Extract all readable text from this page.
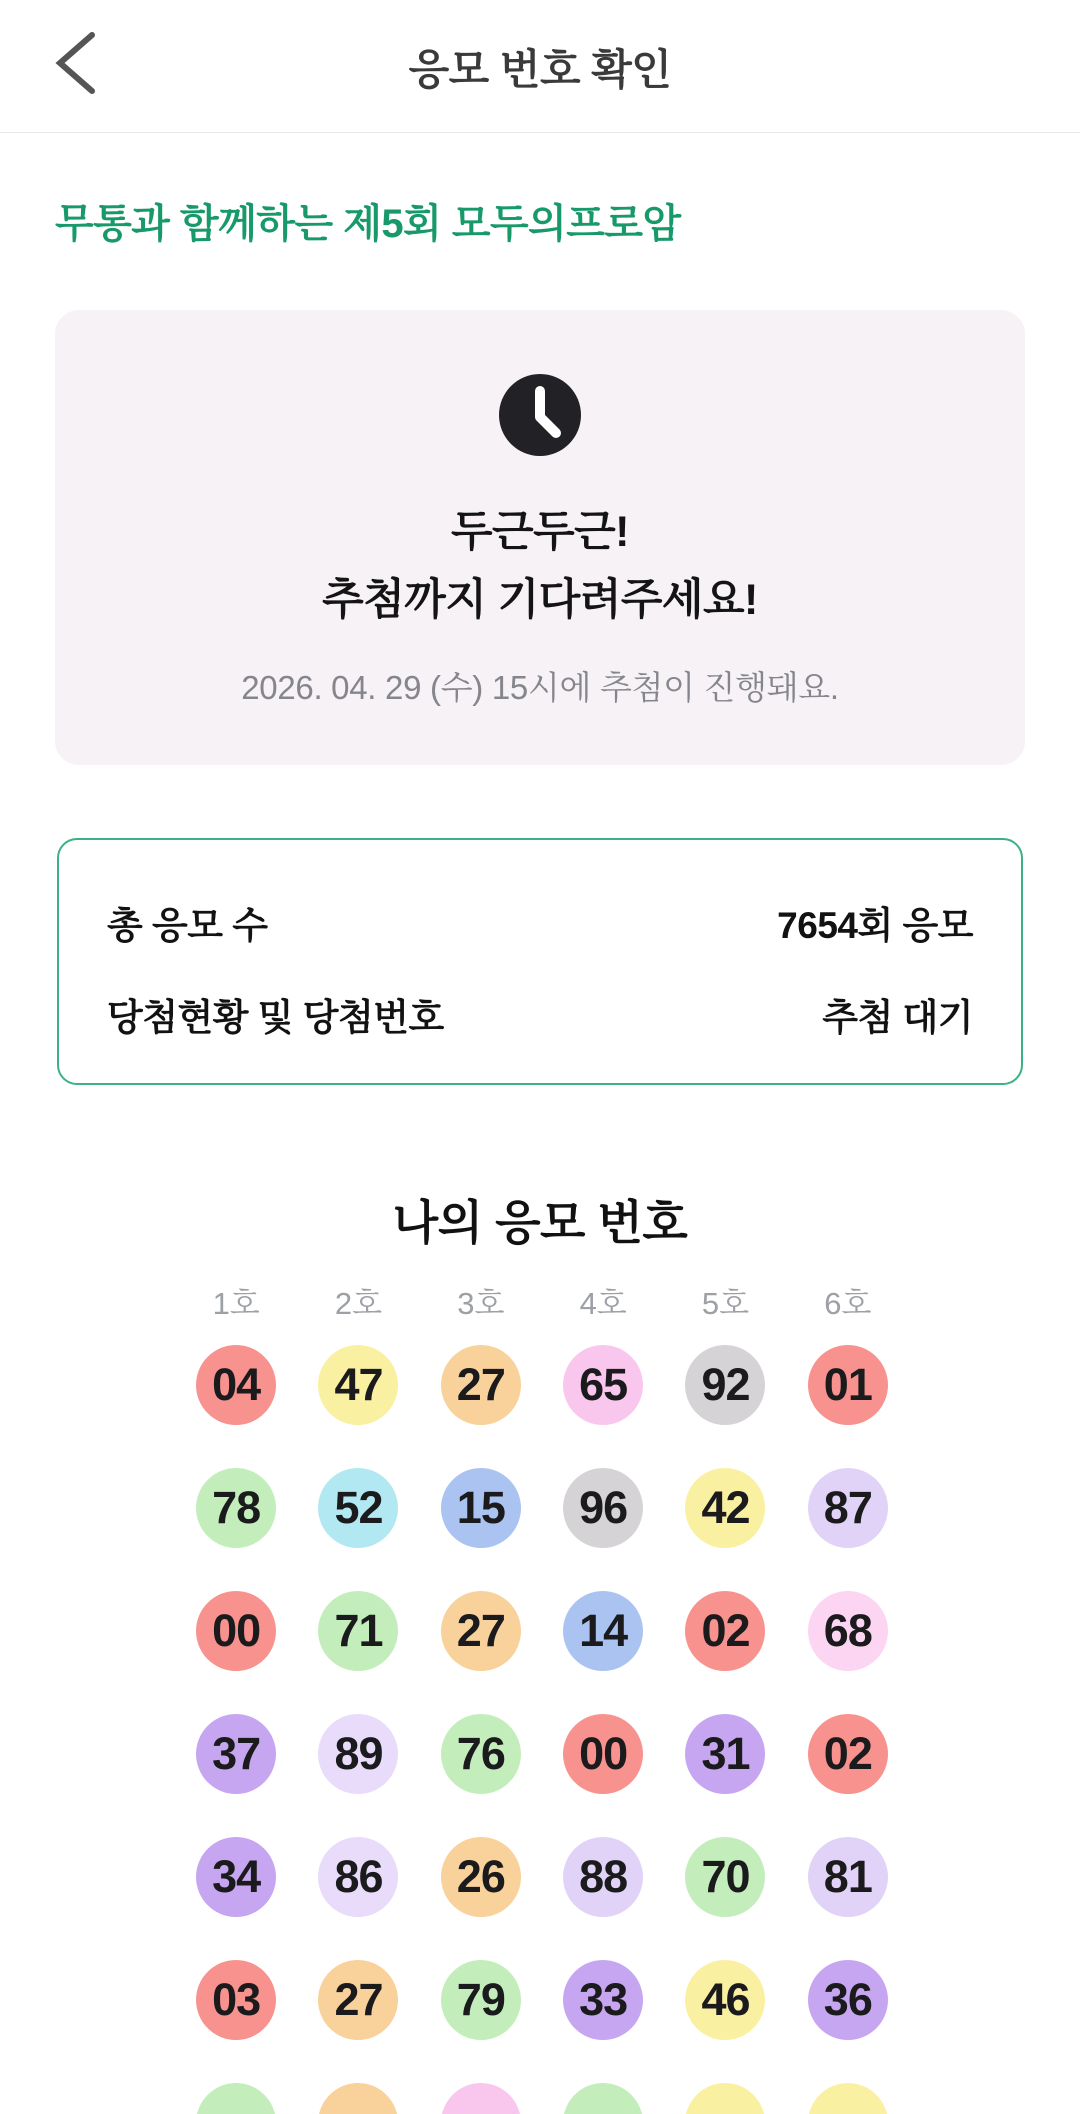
응모 번호 확인
무통과 함께하는 제5회 모두의프로암
두근두근!
추첨까지 기다려주세요!
2026. 04. 29 (수) 15시에 추첨이 진행돼요.
총 응모 수	7654회 응모
당첨현황 및 당첨번호	추첨 대기
나의 응모 번호
1호 2호 3호 4호 5호 6호
04	47	27	65	92	01
78	52	15	96	42	87
00	71	27	14	02	68
37	89	76	00	31	02
34	86	26	88	70	81
03	27	79	33	46	36
